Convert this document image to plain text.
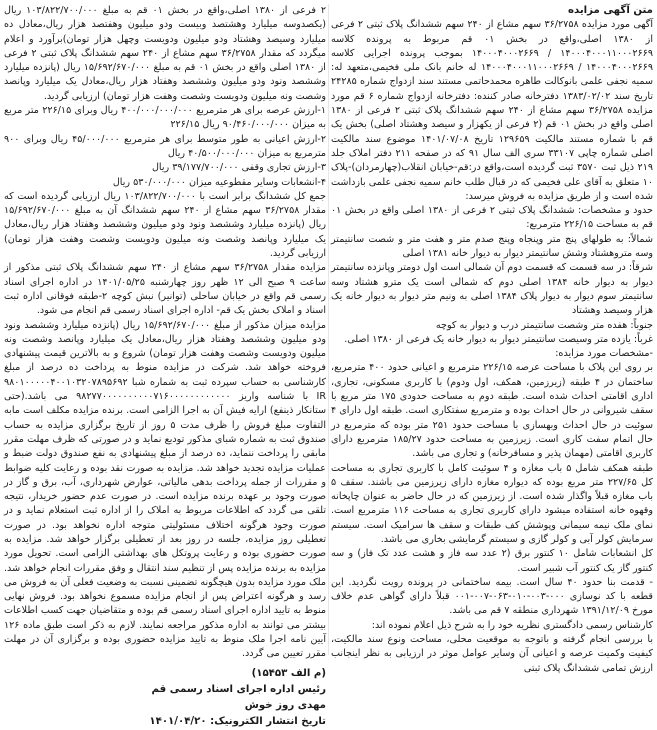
متن آگهی مزایده
آگهی مورد مزایده ۳۶/۲۷۵۸ سهم مشاع از ۲۴۰ سهم ششدانگ پلاک ثبتی ۲ فرعی از ۱۳۸۰ اصلی،واقع در بخش ۰۱ قم مربوط به پرونده کلاسه ۱۴۰۰۰۴۰۰۰۱۱۰۰۰۲۶۶۹ / ۱۴۰۰۰۴۰۰۰۲۶۶۹ بموجب پرونده اجرایی کلاسه ۱۴۰۰۰۴۰۰۰۲۶۶۹ / ۱۴۰۰۰۴۰۰۰۱۱۰۰۰۲۶۶۹ له خانم بانک ملی فخیمی،متعهد له: سمیه نجفی علمی بانوکالت طاهره محمدحاتمی مستند سند ازدواج شماره ۲۴۲۸۵ تاریخ سند ۱۳۸۳/۰۲/۰۲ دفترخانه صادر کننده: دفترخانه ازدواج شماره ۶ قم مورد مزایده ۳۶/۲۷۵۸ سهم مشاع از ۲۴۰ سهم ششدانگ پلاک ثبتی ۲ فرعی از ۱۳۸۰ اصلی واقع در بخش ۰۱ قم (۲ فرعی از یکهزار و سیصد وهشتاد اصلی) بخش یک قم با شماره مستند مالکیت ۱۲۹۶۵۹ تاریخ ۱۴۰۱/۰۷/۰۸ موضوع سند مالکیت اصلی شماره چاپی ۳۳۱۰۷ سری الف سال ۹۱ که در صفحه ۲۱۱ دفتر املاک جلد ۲۱۹ ذیل ثبت ۳۵۷۰ ثبت گردیده است،واقع در:قم-خیابان انقلاب(چهارمردان)-پلاک ۱۰ متعلق به آقای علی فخیمی که در قبال طلب خانم سمیه نجفی علمی بازداشت شده است و از طریق مزایده به فروش میرسد:
حدود و مشخصات: ششدانگ پلاک ثبتی ۲ فرعی از ۱۳۸۰ اصلی واقع در بخش ۰۱ قم به مساحت ۲۲۶/۱۵ مترمربع:
شمالاً: به طولهای پنج متر وپنجاه وپنج صدم متر و هفت متر و شصت سانتیمتر وسه متروهشتاد وشش سانتیمتر دیوار به دیوار خانه ۱۳۸۱ اصلی
شرقاً: در سه قسمت که قسمت دوم آن شمالی است اول دومتر وپانزده سانتیمتر دیوار به دیوار خانه ۱۳۸۴ اصلی دوم که شمالی است یک مترو هشتاد وسه سانتیمتر سوم دیوار به دیوار پلاک ۱۳۸۴ اصلی به ونیم متر دیوار به دیوار خانه یک هزار وسیصد وهشتاد
جنوباً: هفده متر وشصت سانتیمتر درب و دیوار به کوچه
غرباً: یازده متر وسیصت سانتیمتر دیوار به دیوار خانه یک فرعی از ۱۳۸۰ اصلی.
-مشخصات مورد مزایده:
بر روی این پلاک با مساحت عرصه ۲۲۶/۱۵ مترمربع و اعیانی حدود ۴۰۰ مترمربع، ساختمان در ۴ طبقه (زیرزمین، همکف، اول ودوم) با کاربری مسکونی، تجاری، اداری اقامتی احداث شده است. طبقه دوم به مساحت حدودی ۱۷۵ متر مربع با سقف شیروانی در حال احداث بوده و مترمربع سفتکاری است. طبقه اول دارای ۴ سوئیت در حال احداث وبهسازی با مساحت حدود ۲۵۱ متر بوده که مترمربع در حال اتمام سفت کاری است. زیرزمین به مساحت حدود ۱۸۵/۲۷ مترمربع دارای کاربری اقامتی (مهمان پذیر و مسافرخانه) و تجاری می باشد.
طبقه همکف شامل ۵ باب مغازه و ۴ سوئیت کامل با کاربری تجاری به مساحت کل ۲۲۷/۶۵ متر مربع بوده که دیواره مغازه دارای زیرزمین می باشند. سقف ۵ باب مغازه قبلاً واگذار شده است. از زیرزمین که در حال حاضر به عنوان چاپخانه وقهوه خانه استفاده میشود دارای کاربری تجاری به مساحت ۱۱۶ مترمربع است. نمای ملک نیمه سیمانی وپوشش کف طبقات و سقف ها سرامیک است. سیستم سرمایش کولر آبی و کولر گازی و سیستم گرمایشی بخاری می باشد.
کل انشعابات شامل ۱۰ کنتور برق (۲ عدد سه فاز و هشت عدد تک فاز) و سه کنتور گاز یک کنتور آب شبیر است.
- قدمت بنا حدود ۴۰ سال است. بیمه ساختمانی در پرونده رویت نگردید. این قطعه با کد نوسازی ۰۰۰-۰۰۳-۰۱۰-۰۶۳-۰۰۷-۰۰۱ قبلاً دارای گواهی عدم خلاف مورخ ۱۳۹۱/۱۲/۰۹ شهرداری منطقه ۷ قم می باشد.
کارشناس رسمی دادگستری نظریه خود را به شرح ذیل اعلام نموده اند:
با بررسی انجام گرفته و باتوجه به موقعیت محلی، مساحت ونوع سند مالکیت، کیفیت وکمیت عرصه و اعیانی آن وسایر عوامل موثر در ارزیابی به نظر اینجانب ارزش تمامی ششدانگ پلاک ثبتی
۲ فرعی از ۱۳۸۰ اصلی،واقع در بخش ۰۱ قم به مبلغ ۱۰۳/۸۲۲/۷۰۰/۰۰۰ ریال (یکصدوسه میلیارد وهشتصد وبیست ودو میلیون وهفتصد هزار ریال،معادل ده میلیارد وسیصد وهشتاد ودو میلیون ودویست وچهل هزار تومان)برآورد و اعلام میگردد که مقدار ۳۶/۲۷۵۸ سهم مشاع از ۲۴۰ سهم ششدانگ پلاک ثبتی ۲ فرعی از ۱۳۸۰ اصلی واقع در بخش ۰۱ قم به مبلغ ۱۵/۶۹۲/۶۷۰/۰۰۰ ریال (پانزده میلیارد وششصد ونود ودو میلیون وششصد وهفتاد هزار ریال،معادل یک میلیارد وپانصد وشصت ونه میلیون ودویست وشصت وهفت هزار تومان) ارزیابی گردید.
۱-ارزش عرصه برای هر مترمربع ۴۰۰/۰۰۰/۰۰۰/۰۰۰ ریال وبرای ۲۲۶/۱۵ متر مربع به میزان ۹۰/۴۶۰/۰۰۰/۰۰۰ ریال ۲۲۶/۱۵
۲-ارزش اعیانی به طور متوسط برای هر مترمربع ۴۵/۰۰۰/۰۰۰ ریال وبرای ۹۰۰ مترمربع به میزان ۴۰/۵۰۰/۰۰۰/۰۰۰ ریال
۳-ارزش تجاری وقفی ۳۹/۱۷۷/۷۰۰/۰۰۰ ریال
۴-انشعابات وسایر مقطوعیه میزان ۵۳۰/۰۰۰/۰۰۰ ریال
جمع کل ششدانگ برابر است با ۱۰۳/۸۲۲/۷۰۰/۰۰۰ ریال ارزیابی گردیده است که مقدار ۳۶/۲۷۵۸ سهم مشاع از ۲۴۰ سهم ششدانگ آن به مبلغ ۱۵/۶۹۲/۶۷۰/۰۰۰ ریال (پانزده میلیارد وششصد ونود ودو میلیون وششصد وهفتاد هزار ریال،معادل یک میلیارد وپانصد وشصت ونه میلیون ودویست وشصت وهفت هزار تومان) ارزیابی گردید.
مزایده مقدار ۳۶/۲۷۵۸ سهم مشاع از ۲۴۰ سهم ششدانگ پلاک ثبتی مذکور از ساعت ۹ صبح الی ۱۲ ظهر روز چهارشنبه ۱۴۰۱/۰۵/۲۵ در اداره اجرای اسناد رسمی قم واقع در خیابان ساحلی (توانیر) نبش کوچه ۲-طبقه فوقانی اداره ثبت اسناد و املاک بخش یک قم- اداره اجرای اسناد رسمی قم انجام می شود.
مزایده میزان مذکور از مبلغ ۱۵/۶۹۲/۶۷۰/۰۰۰ ریال (پانزده میلیارد وششصد ونود ودو میلیون وششصد وهفتاد هزار ریال،معادل یک میلیارد وپانصد وشصت ونه میلیون ودویست وشصت وهفت هزار تومان) شروع و به بالاترین قیمت پیشنهادی فروخته خواهد شد. شرکت در مزایده منوط به پرداخت ده درصد از مبلغ کارشناسی به حساب سپرده ثبت به شماره شبا ۹۸۰۱۰۰۰۰۰۴۰۰۱۰۳۲۰۷۸۹۵۶۹۲ IR با شناسه واریز ۹۸۲۷۷۰۰۰۰۰۰۰۰۰۰۷۱۶۰۰۰۰۰۰۰۰۰۰۰۰ می باشد.(حتی ستانکار ذینفع) ارایه فیش آن به اجرا الزامی است. برنده مزایده مکلف است مابه التفاوت مبلغ فروش را ظرف مدت ۵ روز از تاریخ برگزاری مزایده به حساب صندوق ثبت به شماره شبای مذکور تودیع نماید و در صورتی که ظرف مهلت مقرر مابقی را پرداخت ننماید، ده درصد از مبلغ پیشنهادی به نفع صندوق دولت ضبط و عملیات مزایده تجدید خواهد شد. مزایده به صورت نقد بوده و رعایت کلیه ضوابط و مقررات از جمله پرداخت بدهی مالیاتی، عوارض شهرداری، آب، برق و گاز در صورت وجود بر عهده برنده مزایده است. در صورت عدم حضور خریدار، نتیجه تلقی می گردد که اطلاعات مربوط به املاک را از اداره ثبت استعلام نماید و در صورت وجود هرگونه اختلاف مسئولیتی متوجه اداره نخواهد بود. در صورت تعطیلی روز مزایده، جلسه در روز بعد از تعطیلی برگزار خواهد شد. مزایده به صورت حضوری بوده و رعایت پروتکل های بهداشتی الزامی است. تحویل مورد مزایده به برنده مزایده پس از تنظیم سند انتقال و وفق مقررات انجام خواهد شد. ملک مورد مزایده بدون هیچگونه تضمینی نسبت به وضعیت فعلی آن به فروش می رسد و هرگونه اعتراض پس از انجام مزایده مسموع نخواهد بود. فروش نهایی منوط به تایید اداره اجرای اسناد رسمی قم بوده و متقاضیان جهت کسب اطلاعات بیشتر می توانند به اداره مذکور مراجعه نمایند. لازم به ذکر است طبق ماده ۱۲۶ آیین نامه اجرا ملک منوط به تایید مزایده حضوری بوده و برگزاری آن در مهلت مقرر تعیین می گردد.
(م الف ۱۵۴۵۳)
رئیس اداره اجرای اسناد رسمی قم
مهدی روز خوش
تاریخ انتشار الکترونیک: ۱۴۰۱/۰۴/۲۰
